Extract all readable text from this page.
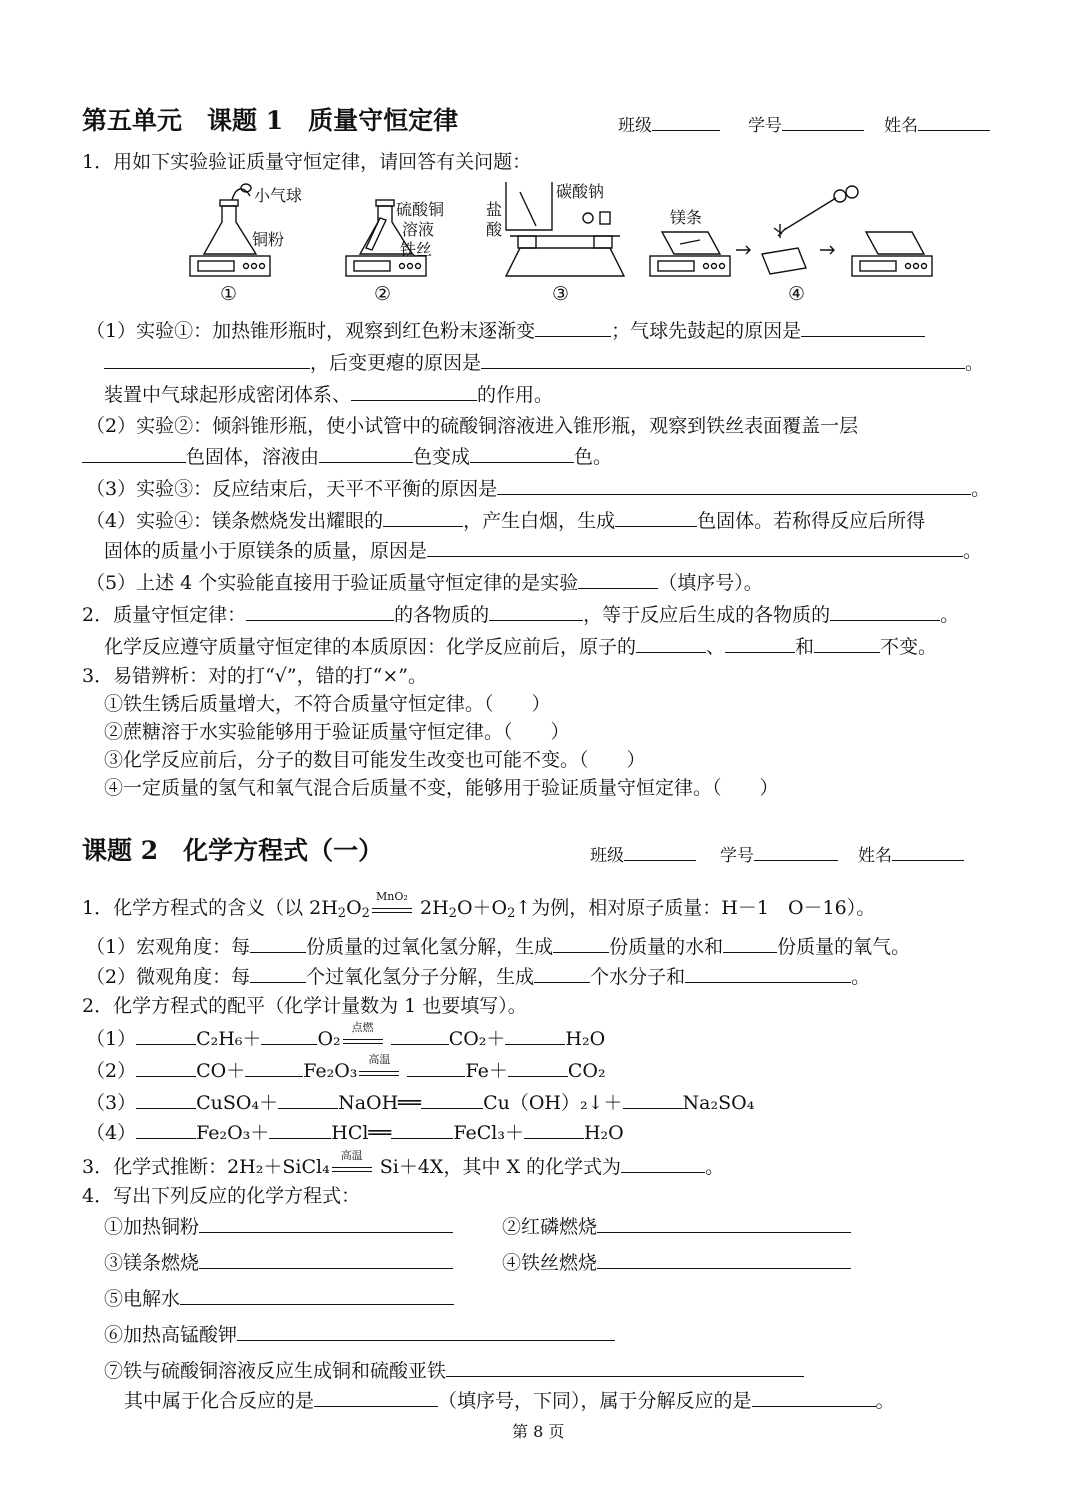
第五单元　课题 1　质量守恒定律	班级	学号	姓名
1．用如下实验验证质量守恒定律，请回答有关问题：
小气球
铜粉
硫酸铜
溶液
铁丝
盐
酸
碳酸钠
镁条
①	②	③	④
（1）实验①：加热锥形瓶时，观察到红色粉末逐渐变	；气球先鼓起的原因是
，后变更瘪的原因是	。
装置中气球起形成密闭体系、	的作用。
（2）实验②：倾斜锥形瓶，使小试管中的硫酸铜溶液进入锥形瓶，观察到铁丝表面覆盖一层
色固体，溶液由	色变成	色。
（3）实验③：反应结束后，天平不平衡的原因是	。
（4）实验④：镁条燃烧发出耀眼的	，产生白烟，生成	色固体。若称得反应后所得
固体的质量小于原镁条的质量，原因是	。
（5）上述 4 个实验能直接用于验证质量守恒定律的是实验	（填序号）。
2．质量守恒定律：	的各物质的	，等于反应后生成的各物质的	。
化学反应遵守质量守恒定律的本质原因：化学反应前后，原子的	、	和	不变。
3．易错辨析：对的打“√”，错的打“×”。
①铁生锈后质量增大，不符合质量守恒定律。（　　）
②蔗糖溶于水实验能够用于验证质量守恒定律。（　　）
③化学反应前后，分子的数目可能发生改变也可能不变。（　　）
④一定质量的氢气和氧气混合后质量不变，能够用于验证质量守恒定律。（　　）
课题 2　化学方程式（一）	班级	学号	姓名
1．化学方程式的含义（以 $2H_2O_2$
MnO₂
$2H_2O+O_2↑$为例，相对原子质量：H－1　O－16）。
（1）宏观角度：每	份质量的过氧化氢分解，生成	份质量的水和	份质量的氧气。
（2）微观角度：每	个过氧化氢分子分解，生成	个水分子和	。
2．化学方程式的配平（化学计量数为 1 也要填写）。
（1）	C₂H₆＋	O₂
点燃
CO₂＋	H₂O
（2）	CO＋	Fe₂O₃
高温
Fe＋	CO₂
（3）	CuSO₄＋	NaOH══	Cu（OH）₂↓＋	Na₂SO₄
（4）	Fe₂O₃＋	HCl══	FeCl₃＋	H₂O
3．化学式推断：2H₂＋SiCl₄
高温
Si＋4X，其中 X 的化学式为	。
4．写出下列反应的化学方程式：
①加热铜粉	②红磷燃烧
③镁条燃烧	④铁丝燃烧
⑤电解水
⑥加热高锰酸钾
⑦铁与硫酸铜溶液反应生成铜和硫酸亚铁
其中属于化合反应的是	（填序号，下同），属于分解反应的是	。
第 8 页
